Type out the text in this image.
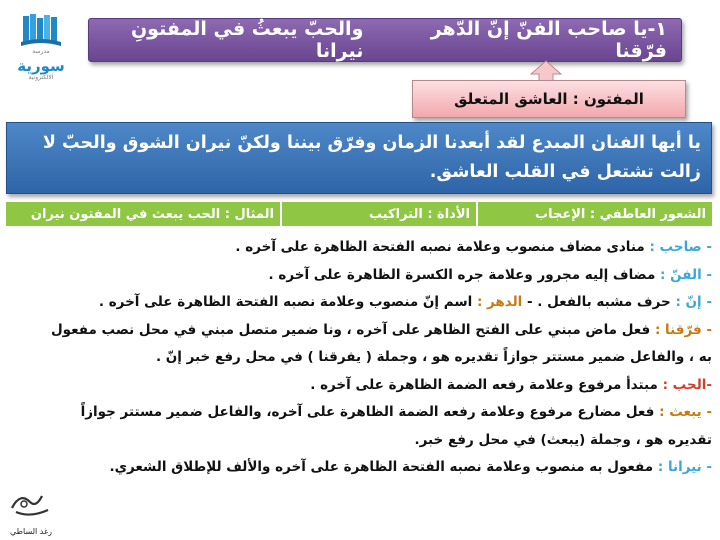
مدرسة
سورية
الالكترونية
١-يا صاحب الفنّ إنّ الدّهر فرّقنا
والحبّ يبعثُ في المفتونِ نيرانا
المفتون : العاشق المتعلق
يا أيها الفنان المبدع لقد أبعدنا الزمان وفرّق بيننا ولكنّ نيران الشوق والحبّ لا زالت تشتعل في القلب العاشق.
الشعور العاطفي : الإعجاب
الأداة : التراكيب
المثال : الحب يبعث في المفتون نيران
- صاحب : منادى مضاف منصوب وعلامة نصبه الفتحة الظاهرة على آخره .
- الفنّ : مضاف إليه مجرور وعلامة جره الكسرة الظاهرة على آخره .
- إنّ : حرف مشبه بالفعل . - الدهر : اسم إنّ منصوب وعلامة نصبه الفتحة الظاهرة على آخره .
- فرّقنا : فعل ماض مبني على الفتح الظاهر على آخره ، ونا ضمير متصل مبني في محل نصب مفعول
به ، والفاعل ضمير مستتر جوازاً تقديره هو ، وجملة ( يفرقنا ) في محل رفع خبر إنّ .
-الحب : مبتدأ مرفوع وعلامة رفعه الضمة الظاهرة على آخره .
- يبعث : فعل مضارع مرفوع وعلامة رفعه الضمة الظاهرة على آخره، والفاعل ضمير مستتر جوازاً
تقديره هو ، وجملة (يبعث) في محل رفع خبر.
- نيرانا : مفعول به منصوب وعلامة نصبه الفتحة الظاهرة على آخره والألف للإطلاق الشعري.
رغد الساطي
